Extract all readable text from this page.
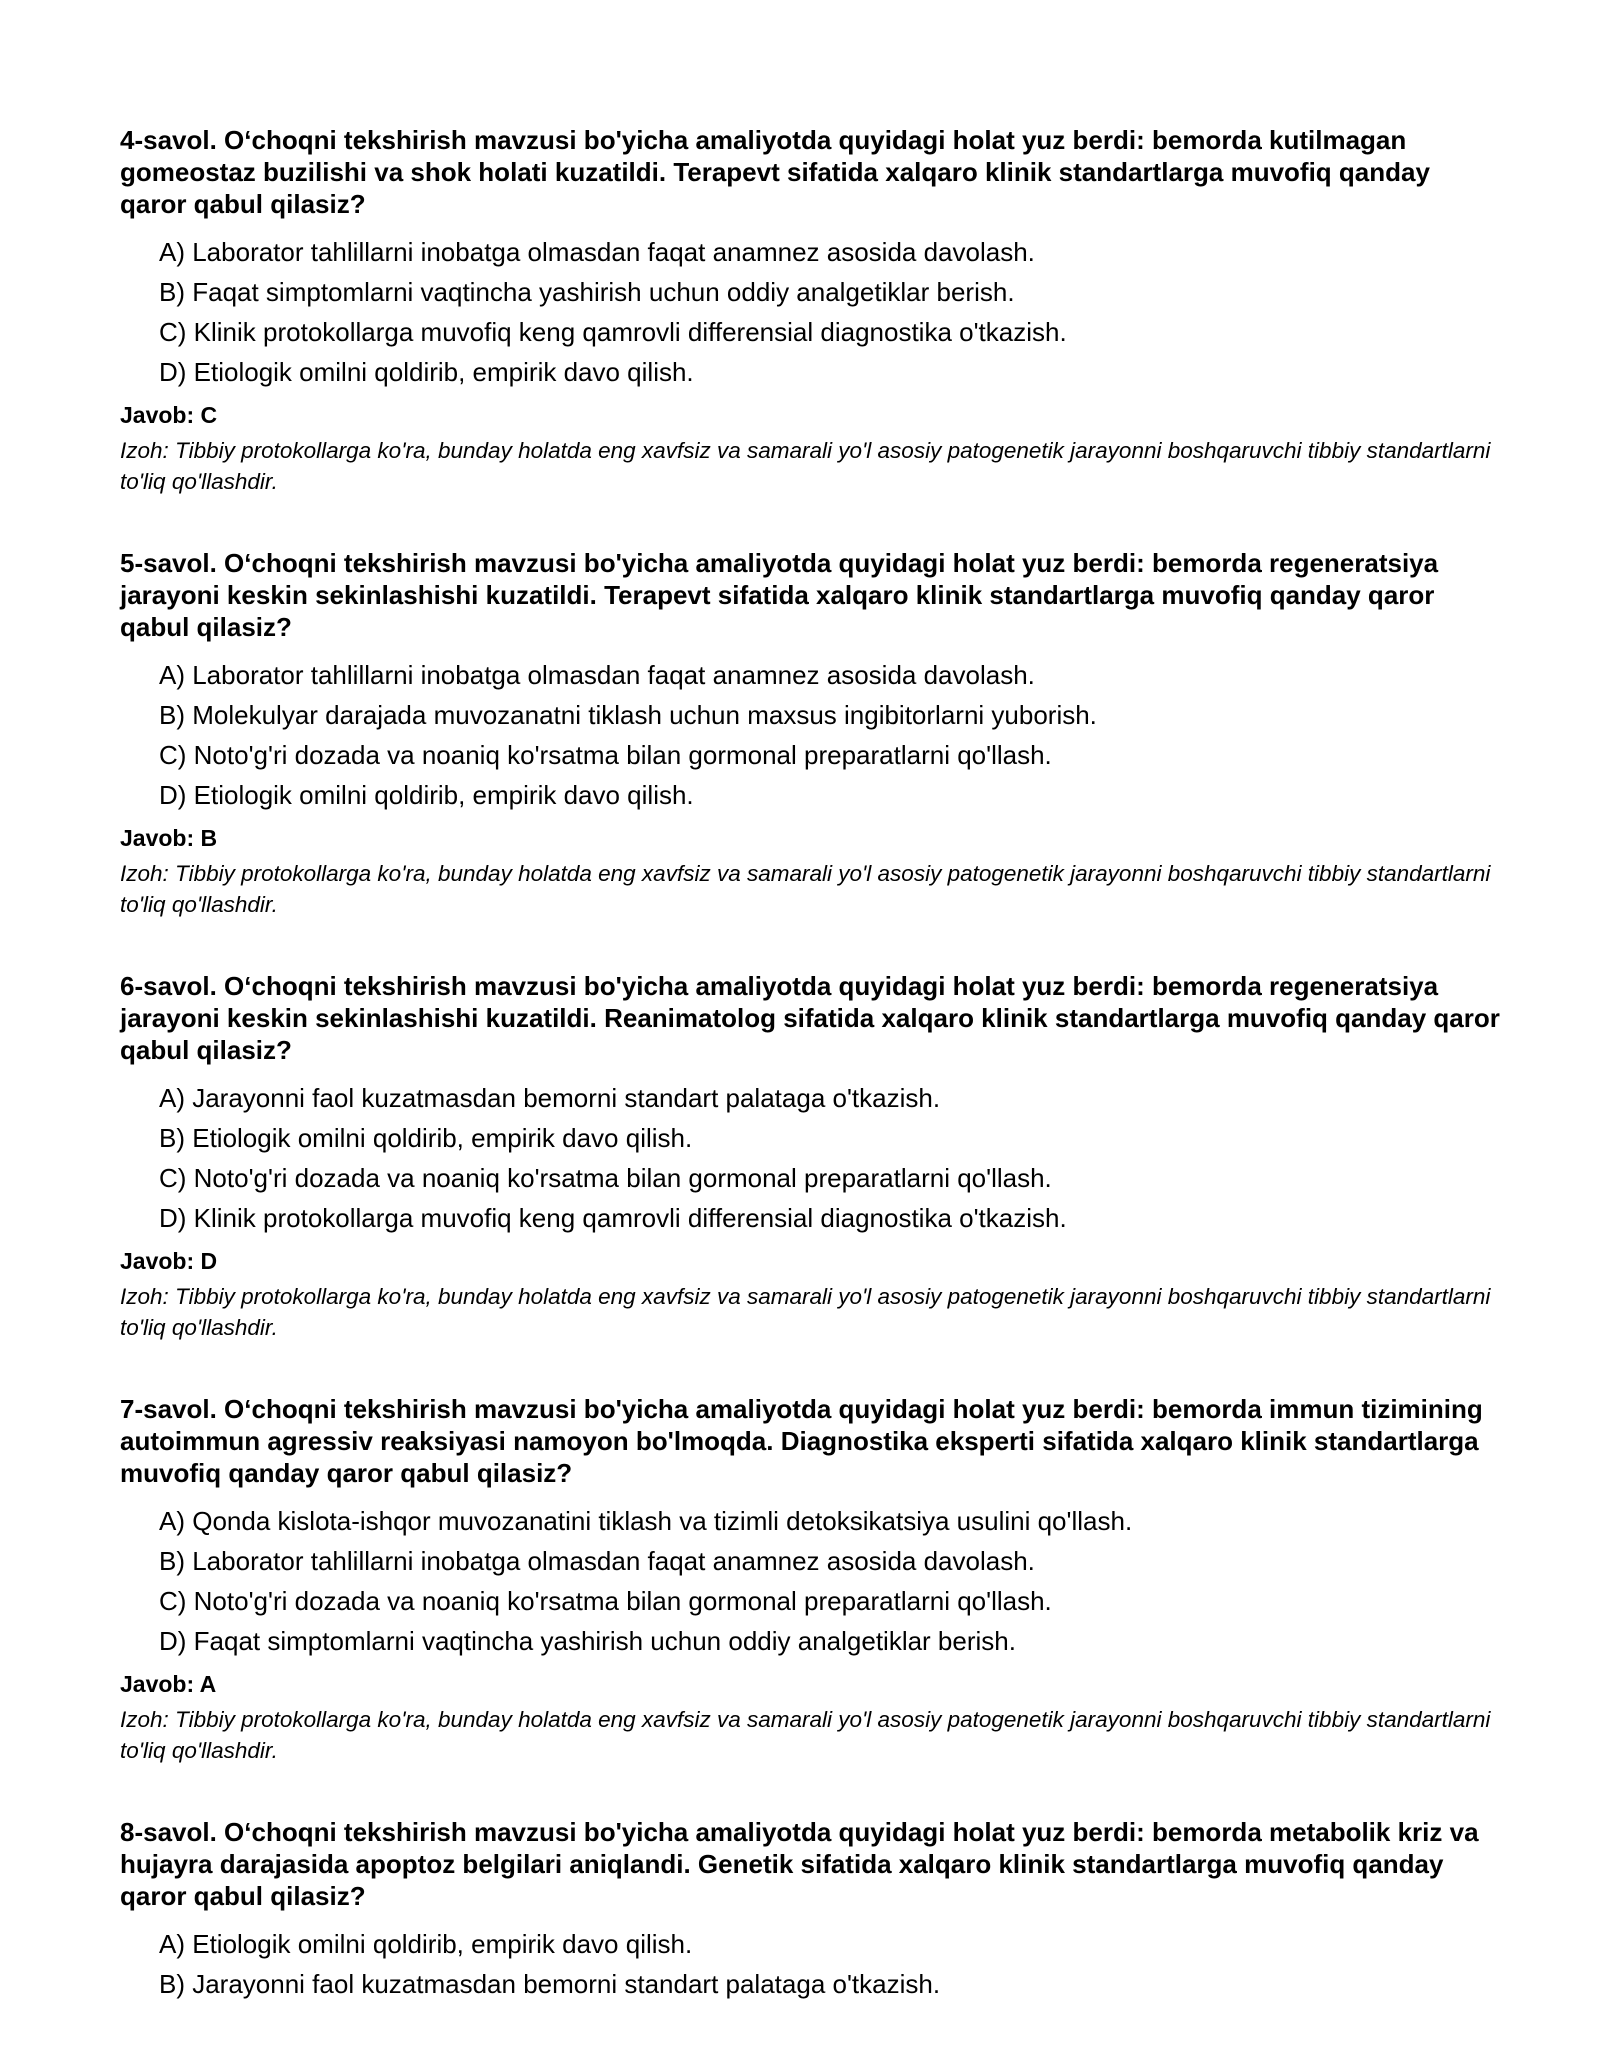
4-savol. O‘choqni tekshirish mavzusi bo'yicha amaliyotda quyidagi holat yuz berdi: bemorda kutilmagan gomeostaz buzilishi va shok holati kuzatildi. Terapevt sifatida xalqaro klinik standartlarga muvofiq qanday qaror qabul qilasiz?

A) Laborator tahlillarni inobatga olmasdan faqat anamnez asosida davolash.
B) Faqat simptomlarni vaqtincha yashirish uchun oddiy analgetiklar berish.
C) Klinik protokollarga muvofiq keng qamrovli differensial diagnostika o'tkazish.
D) Etiologik omilni qoldirib, empirik davo qilish.

Javob: C

Izoh: Tibbiy protokollarga ko'ra, bunday holatda eng xavfsiz va samarali yo'l asosiy patogenetik jarayonni boshqaruvchi tibbiy standartlarni to'liq qo'llashdir.

5-savol. O‘choqni tekshirish mavzusi bo'yicha amaliyotda quyidagi holat yuz berdi: bemorda regeneratsiya jarayoni keskin sekinlashishi kuzatildi. Terapevt sifatida xalqaro klinik standartlarga muvofiq qanday qaror qabul qilasiz?

A) Laborator tahlillarni inobatga olmasdan faqat anamnez asosida davolash.
B) Molekulyar darajada muvozanatni tiklash uchun maxsus ingibitorlarni yuborish.
C) Noto'g'ri dozada va noaniq ko'rsatma bilan gormonal preparatlarni qo'llash.
D) Etiologik omilni qoldirib, empirik davo qilish.

Javob: B

Izoh: Tibbiy protokollarga ko'ra, bunday holatda eng xavfsiz va samarali yo'l asosiy patogenetik jarayonni boshqaruvchi tibbiy standartlarni to'liq qo'llashdir.

6-savol. O‘choqni tekshirish mavzusi bo'yicha amaliyotda quyidagi holat yuz berdi: bemorda regeneratsiya jarayoni keskin sekinlashishi kuzatildi. Reanimatolog sifatida xalqaro klinik standartlarga muvofiq qanday qaror qabul qilasiz?

A) Jarayonni faol kuzatmasdan bemorni standart palataga o'tkazish.
B) Etiologik omilni qoldirib, empirik davo qilish.
C) Noto'g'ri dozada va noaniq ko'rsatma bilan gormonal preparatlarni qo'llash.
D) Klinik protokollarga muvofiq keng qamrovli differensial diagnostika o'tkazish.

Javob: D

Izoh: Tibbiy protokollarga ko'ra, bunday holatda eng xavfsiz va samarali yo'l asosiy patogenetik jarayonni boshqaruvchi tibbiy standartlarni to'liq qo'llashdir.

7-savol. O‘choqni tekshirish mavzusi bo'yicha amaliyotda quyidagi holat yuz berdi: bemorda immun tizimining autoimmun agressiv reaksiyasi namoyon bo'lmoqda. Diagnostika eksperti sifatida xalqaro klinik standartlarga muvofiq qanday qaror qabul qilasiz?

A) Qonda kislota-ishqor muvozanatini tiklash va tizimli detoksikatsiya usulini qo'llash.
B) Laborator tahlillarni inobatga olmasdan faqat anamnez asosida davolash.
C) Noto'g'ri dozada va noaniq ko'rsatma bilan gormonal preparatlarni qo'llash.
D) Faqat simptomlarni vaqtincha yashirish uchun oddiy analgetiklar berish.

Javob: A

Izoh: Tibbiy protokollarga ko'ra, bunday holatda eng xavfsiz va samarali yo'l asosiy patogenetik jarayonni boshqaruvchi tibbiy standartlarni to'liq qo'llashdir.

8-savol. O‘choqni tekshirish mavzusi bo'yicha amaliyotda quyidagi holat yuz berdi: bemorda metabolik kriz va hujayra darajasida apoptoz belgilari aniqlandi. Genetik sifatida xalqaro klinik standartlarga muvofiq qanday qaror qabul qilasiz?

A) Etiologik omilni qoldirib, empirik davo qilish.
B) Jarayonni faol kuzatmasdan bemorni standart palataga o'tkazish.
